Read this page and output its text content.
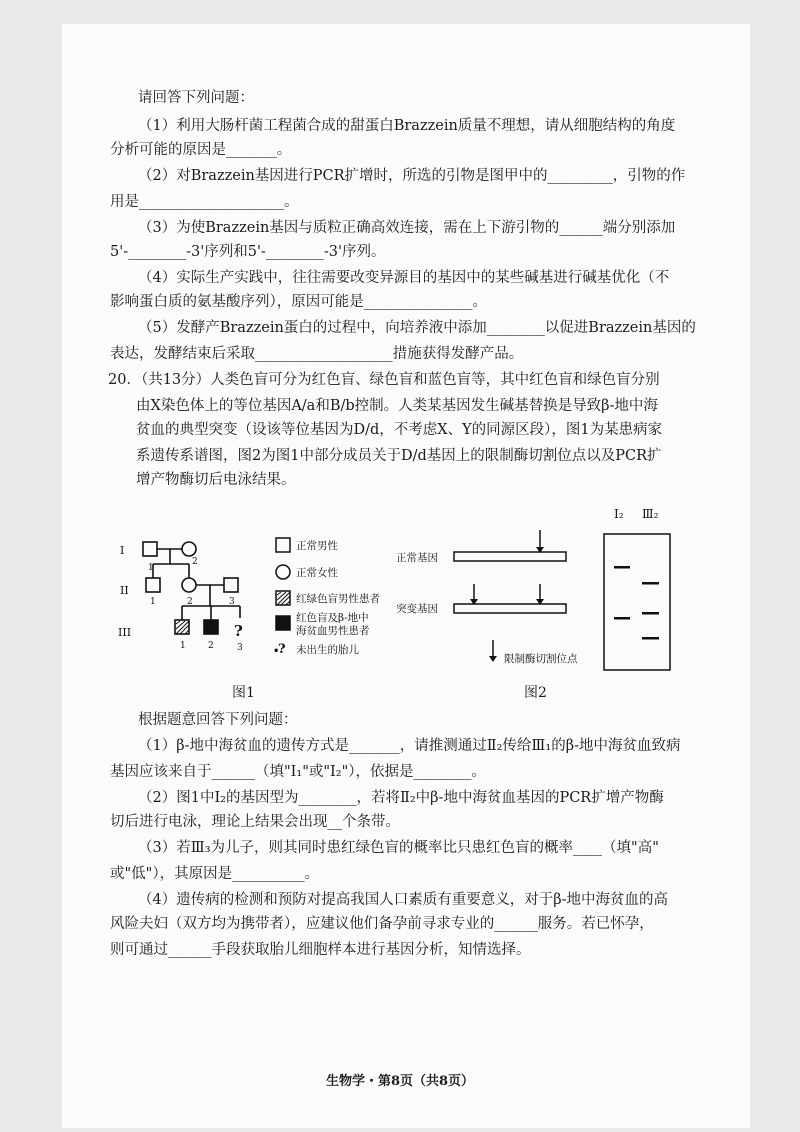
请回答下列问题：
（1）利用大肠杆菌工程菌合成的甜蛋白Brazzein质量不理想，请从细胞结构的角度
分析可能的原因是_______。
（2）对Brazzein基因进行PCR扩增时，所选的引物是图甲中的_________，引物的作
用是____________________。
（3）为使Brazzein基因与质粒正确高效连接，需在上下游引物的______端分别添加
5'-________-3'序列和5'-________-3'序列。
（4）实际生产实践中，往往需要改变异源目的基因中的某些碱基进行碱基优化（不
影响蛋白质的氨基酸序列），原因可能是_______________。
（5）发酵产Brazzein蛋白的过程中，向培养液中添加________以促进Brazzein基因的
表达，发酵结束后采取___________________措施获得发酵产品。
20．（共13分）人类色盲可分为红色盲、绿色盲和蓝色盲等，其中红色盲和绿色盲分别
由X染色体上的等位基因A/a和B/b控制。人类某基因发生碱基替换是导致β-地中海
贫血的典型突变（设该等位基因为D/d，不考虑X、Y的同源区段），图1为某患病家
系遗传系谱图，图2为图1中部分成员关于D/d基因上的限制酶切割位点以及PCR扩
增产物酶切后电泳结果。
I
II
III
1
2
1	2	3
1 2	3
?
•
?
正常男性
正常女性
红绿色盲男性患者
红色盲及β-地中
海贫血男性患者
未出生的胎儿
图1
正常基因
突变基因
限制酶切割位点
I₂ Ⅲ₂
图2
根据题意回答下列问题：
（1）β-地中海贫血的遗传方式是_______，请推测通过Ⅱ₂传给Ⅲ₁的β-地中海贫血致病
基因应该来自于______（填"I₁"或"I₂"），依据是________。
（2）图1中I₂的基因型为________，若将Ⅱ₂中β-地中海贫血基因的PCR扩增产物酶
切后进行电泳，理论上结果会出现__个条带。
（3）若Ⅲ₃为儿子，则其同时患红绿色盲的概率比只患红色盲的概率____（填"高"
或"低"），其原因是__________。
（4）遗传病的检测和预防对提高我国人口素质有重要意义，对于β-地中海贫血的高
风险夫妇（双方均为携带者），应建议他们备孕前寻求专业的______服务。若已怀孕，
则可通过______手段获取胎儿细胞样本进行基因分析，知情选择。
生物学・第8页（共8页）
